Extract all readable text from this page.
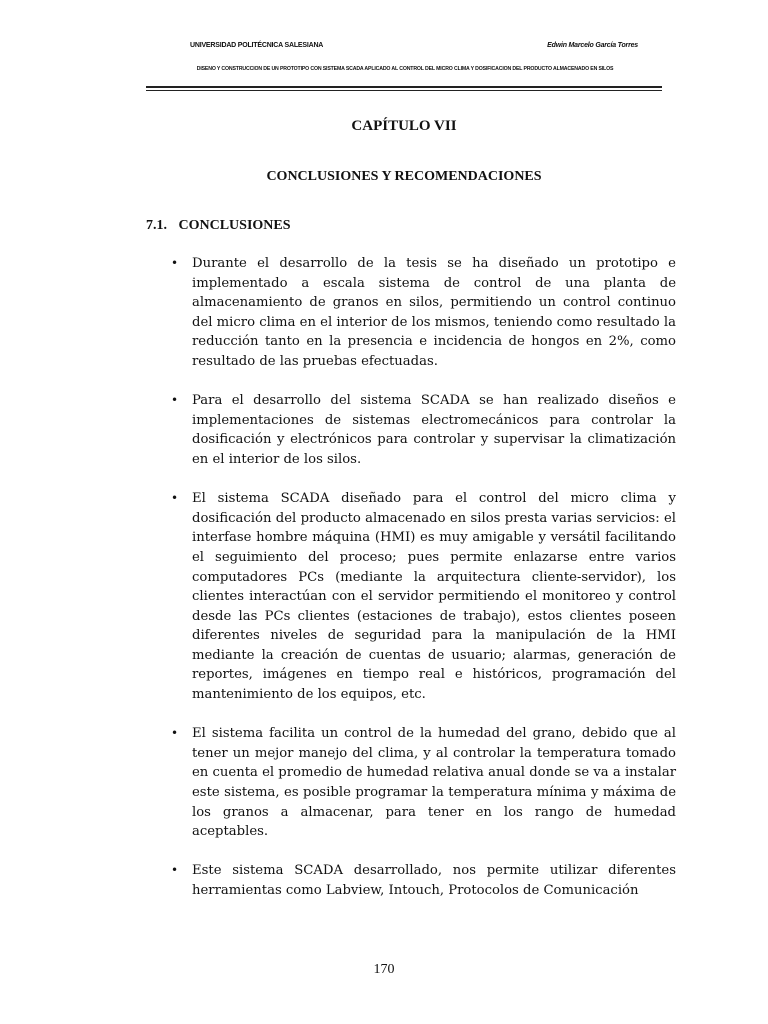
UNIVERSIDAD POLITÉCNICA SALESIANA	Edwin Marcelo García Torres
DISEÑO Y CONSTRUCCIÓN DE UN PROTOTIPO CON SISTEMA SCADA APLICADO AL CONTROL DEL MICRO CLIMA Y DOSIFICACIÓN DEL PRODUCTO ALMACENADO EN SILOS
CAPÍTULO VII
CONCLUSIONES Y RECOMENDACIONES
7.1. CONCLUSIONES
• Durante el desarrollo de la tesis se ha diseñado un prototipo e implementado a escala sistema de control de una planta de almacenamiento de granos en silos, permitiendo un control continuo del micro clima en el interior de los mismos, teniendo como resultado la reducción tanto en la presencia e incidencia de hongos en 2%, como resultado de las pruebas efectuadas.
• Para el desarrollo del sistema SCADA se han realizado diseños e implementaciones de sistemas electromecánicos para controlar la dosificación y electrónicos para controlar y supervisar la climatización en el interior de los silos.
• El sistema SCADA diseñado para el control del micro clima y dosificación del producto almacenado en silos presta varias servicios: el interfase hombre máquina (HMI) es muy amigable y versátil facilitando el seguimiento del proceso; pues permite enlazarse entre varios computadores PCs (mediante la arquitectura cliente-servidor), los clientes interactúan con el servidor permitiendo el monitoreo y control desde las PCs clientes (estaciones de trabajo), estos clientes poseen diferentes niveles de seguridad para la manipulación de la HMI mediante la creación de cuentas de usuario; alarmas, generación de reportes, imágenes en tiempo real e históricos, programación del mantenimiento de los equipos, etc.
• El sistema facilita un control de la humedad del grano, debido que al tener un mejor manejo del clima, y al controlar la temperatura tomado en cuenta el promedio de humedad relativa anual donde se va a instalar este sistema, es posible programar la temperatura mínima y máxima de los granos a almacenar, para tener en los rango de humedad aceptables.
• Este sistema SCADA desarrollado, nos permite utilizar diferentes herramientas como Labview, Intouch, Protocolos de Comunicación
170
